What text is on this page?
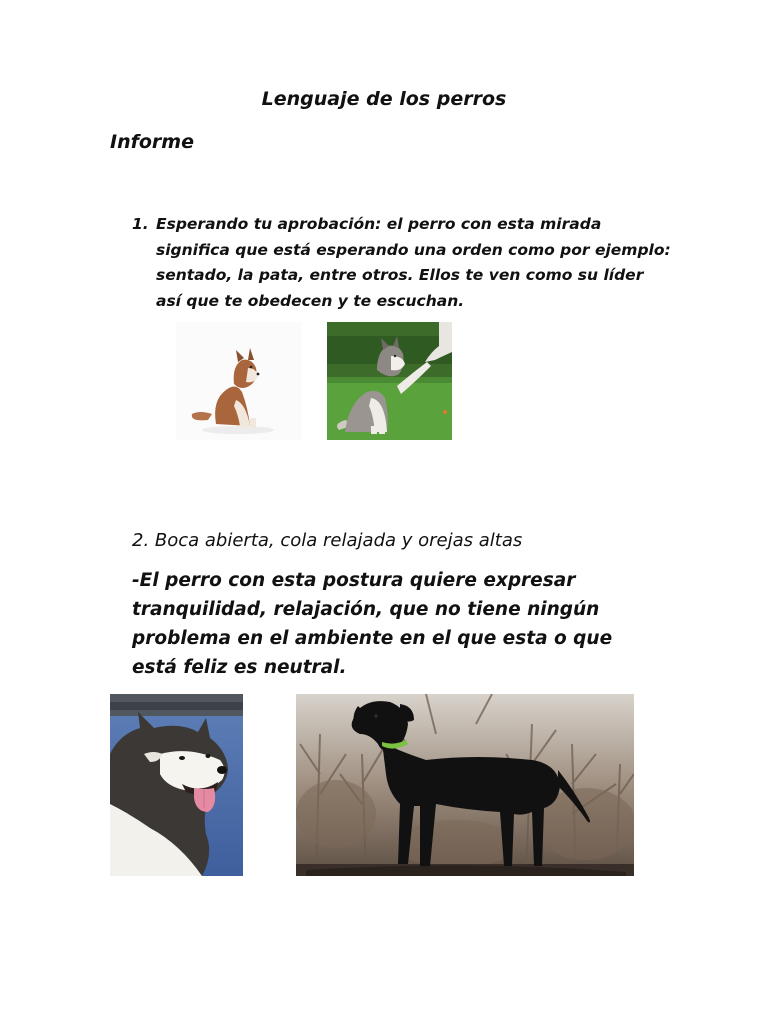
Lenguaje de los perros
Informe
1. Esperando tu aprobación: el perro con esta mirada significa que está esperando una orden como por ejemplo: sentado, la pata, entre otros. Ellos te ven como su líder así que te obedecen y te escuchan.
2. Boca abierta, cola relajada y orejas altas

-El perro con esta postura quiere expresar tranquilidad, relajación, que no tiene ningún problema en el ambiente en el que esta o que está feliz es neutral.
